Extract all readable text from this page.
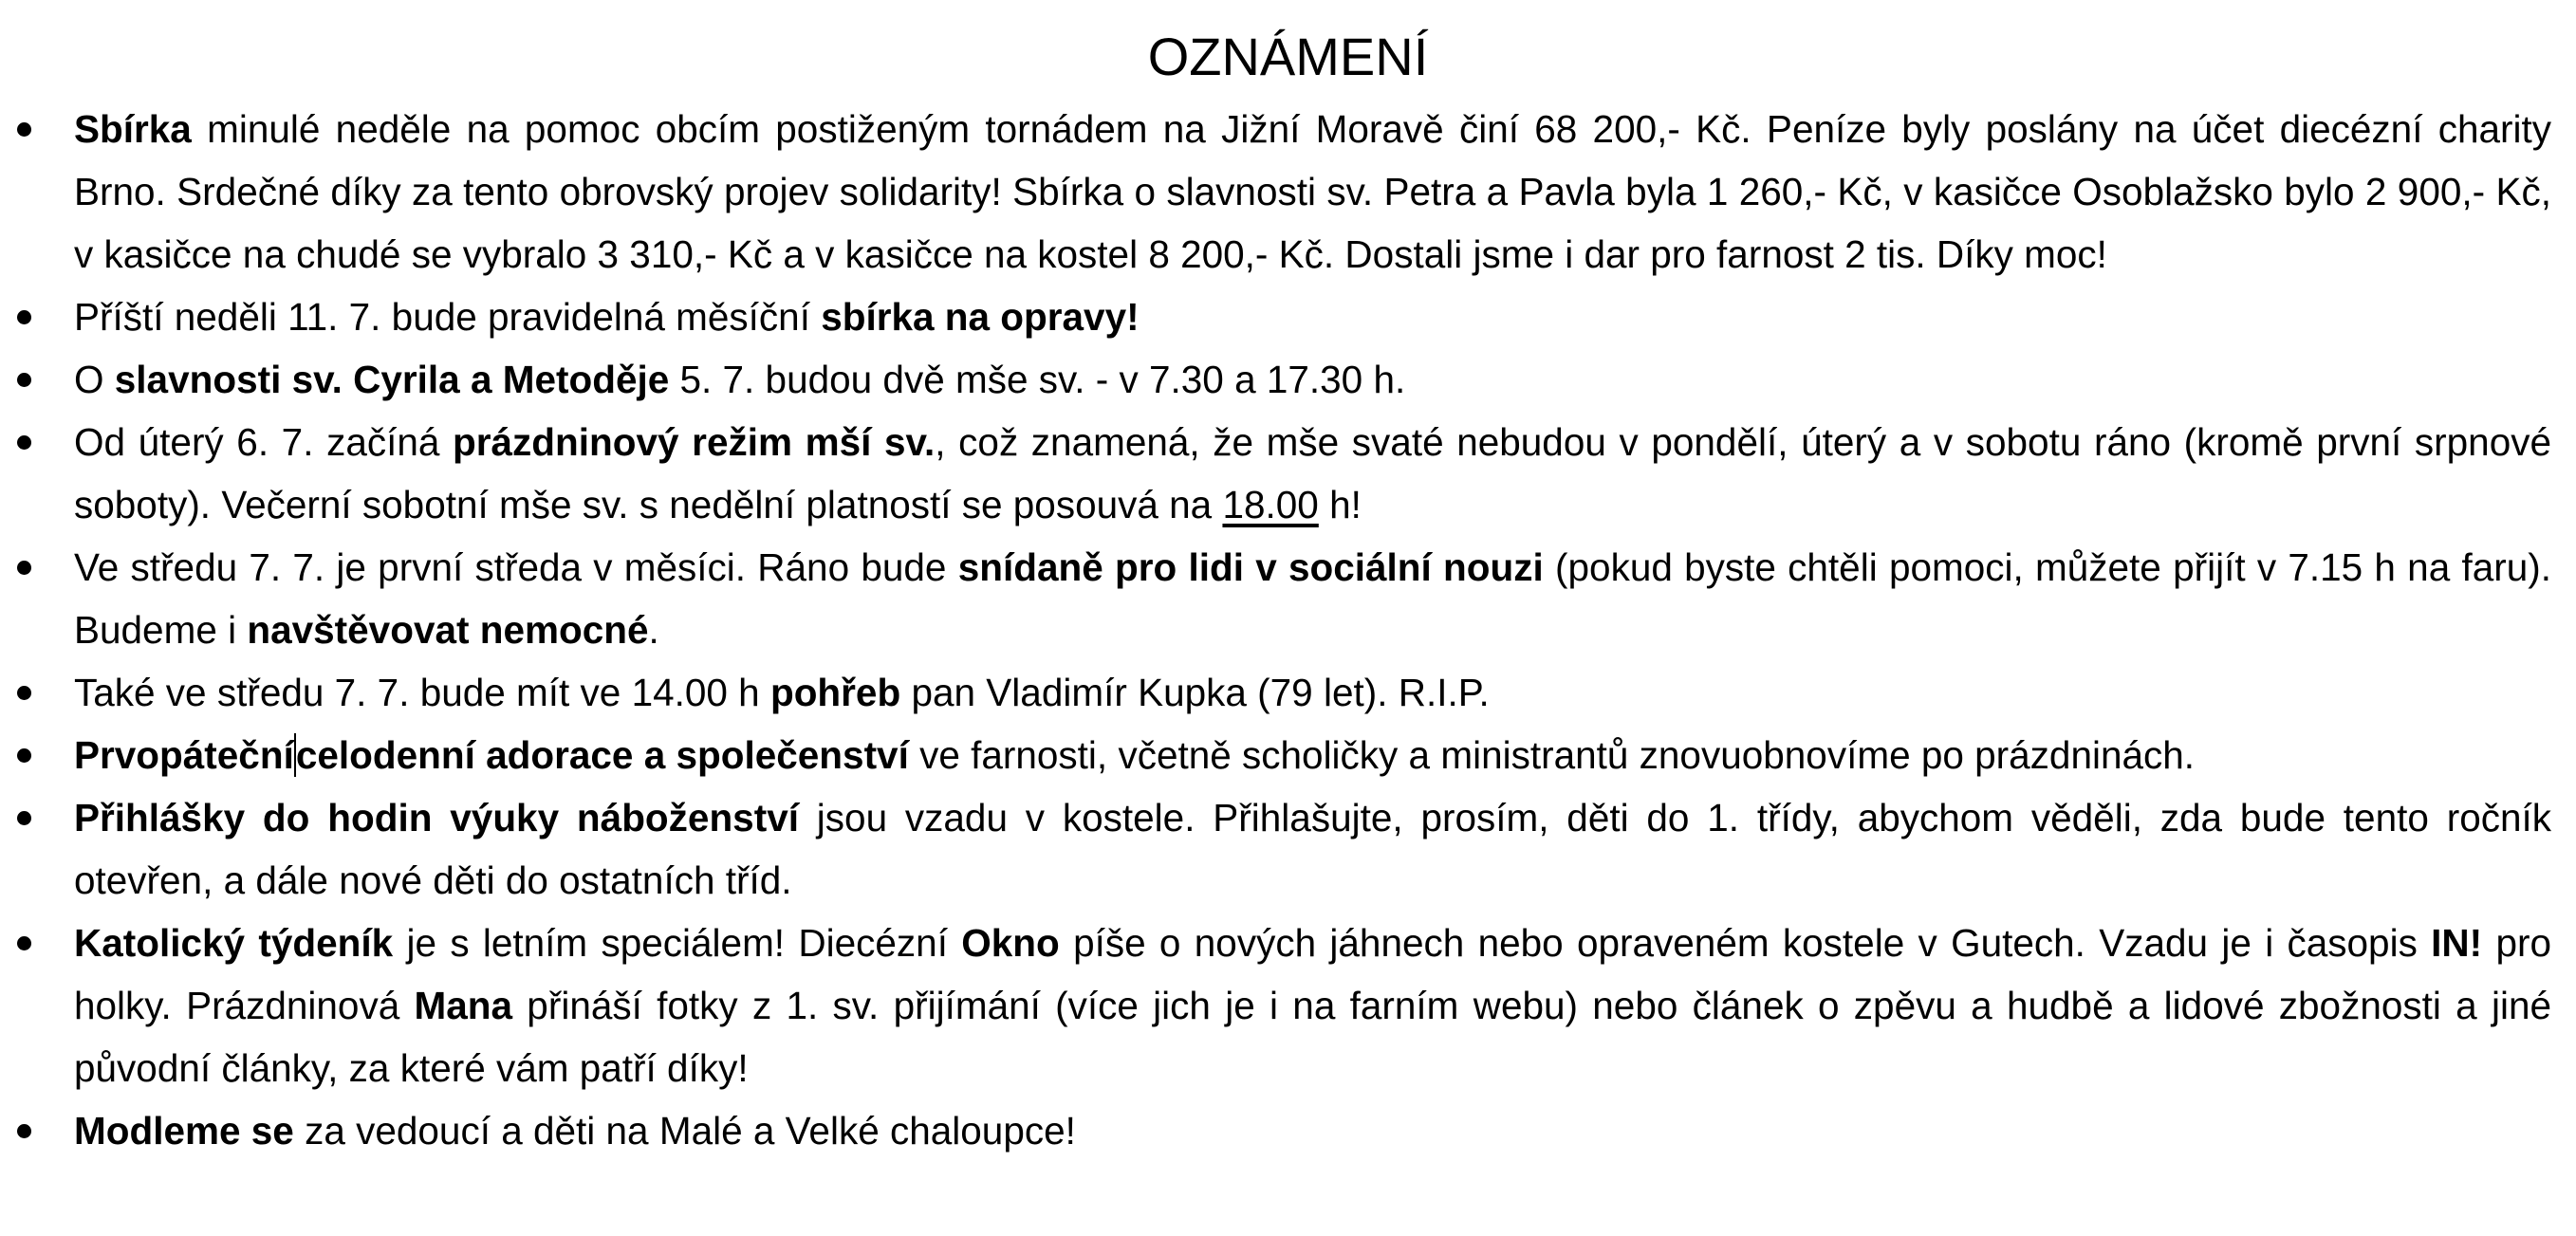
OZNÁMENÍ
Sbírka minulé neděle na pomoc obcím postiženým tornádem na Jižní Moravě činí 68 200,- Kč. Peníze byly poslány na účet diecézní charity Brno. Srdečné díky za tento obrovský projev solidarity! Sbírka o slavnosti sv. Petra a Pavla byla 1 260,- Kč, v kasičce Osoblažsko bylo 2 900,- Kč, v kasičce na chudé se vybralo 3 310,- Kč a v kasičce na kostel 8 200,- Kč. Dostali jsme i dar pro farnost 2 tis. Díky moc!
Příští neděli 11. 7. bude pravidelná měsíční sbírka na opravy!
O slavnosti sv. Cyrila a Metoděje 5. 7. budou dvě mše sv. - v 7.30 a 17.30 h.
Od úterý 6. 7. začíná prázdninový režim mší sv., což znamená, že mše svaté nebudou v pondělí, úterý a v sobotu ráno (kromě první srpnové soboty). Večerní sobotní mše sv. s nedělní platností se posouvá na 18.00 h!
Ve středu 7. 7. je první středa v měsíci. Ráno bude snídaně pro lidi v sociální nouzi (pokud byste chtěli pomoci, můžete přijít v 7.15 h na faru). Budeme i navštěvovat nemocné.
Také ve středu 7. 7. bude mít ve 14.00 h pohřeb pan Vladimír Kupka (79 let). R.I.P.
Prvopátečnícelodenní adorace a společenství ve farnosti, včetně scholičky a ministrantů znovuobnovíme po prázdninách.
Přihlášky do hodin výuky náboženství jsou vzadu v kostele. Přihlašujte, prosím, děti do 1. třídy, abychom věděli, zda bude tento ročník otevřen, a dále nové děti do ostatních tříd.
Katolický týdeník je s letním speciálem! Diecézní Okno píše o nových jáhnech nebo opraveném kostele v Gutech. Vzadu je i časopis IN! pro holky. Prázdninová Mana přináší fotky z 1. sv. přijímání (více jich je i na farním webu) nebo článek o zpěvu a hudbě a lidové zbožnosti a jiné původní články, za které vám patří díky!
Modleme se za vedoucí a děti na Malé a Velké chaloupce!
